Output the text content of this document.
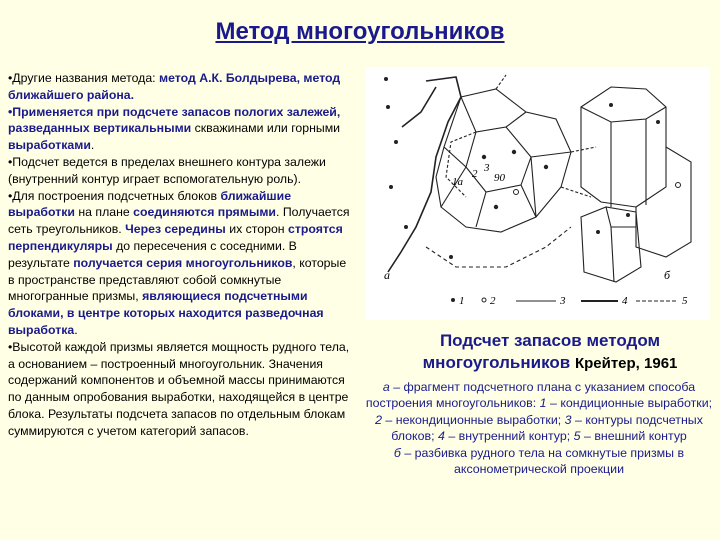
Метод многоугольников

•Другие названия метода: метод А.К. Болдырева, метод ближайшего района.

•Применяется при подсчете запасов пологих залежей, разведанных вертикальными скважинами или горными выработками.

•Подсчет ведется в пределах внешнего контура залежи (внутренний контур играет вспомогательную роль).

•Для построения подсчетных блоков ближайшие выработки на плане соединяются прямыми. Получается сеть треугольников. Через середины их сторон строятся перпендикуляры до пересечения с соседними. В результате получается серия многоугольников, которые в пространстве представляют собой сомкнутые многогранные призмы, являющиеся подсчетными блоками, в центре которых находится разведочная выработка.

•Высотой каждой призмы является мощность рудного тела, а основанием – построенный многоугольник. Значения содержаний компонентов и объемной массы принимаются по данным опробования выработки, находящейся в центре блока. Результаты подсчета запасов по отдельным блокам суммируются с учетом категорий запасов.

1а
2 3
90
а	б
1 2	3	4	5
Подсчет запасов методом многоугольников Крейтер, 1961
а – фрагмент подсчетного плана с указанием способа построения многоугольников: 1 – кондиционные выработки; 2 – некондиционные выработки; 3 – контуры подсчетных блоков; 4 – внутренний контур; 5 – внешний контур
б – разбивка рудного тела на сомкнутые призмы в аксонометрической проекции
